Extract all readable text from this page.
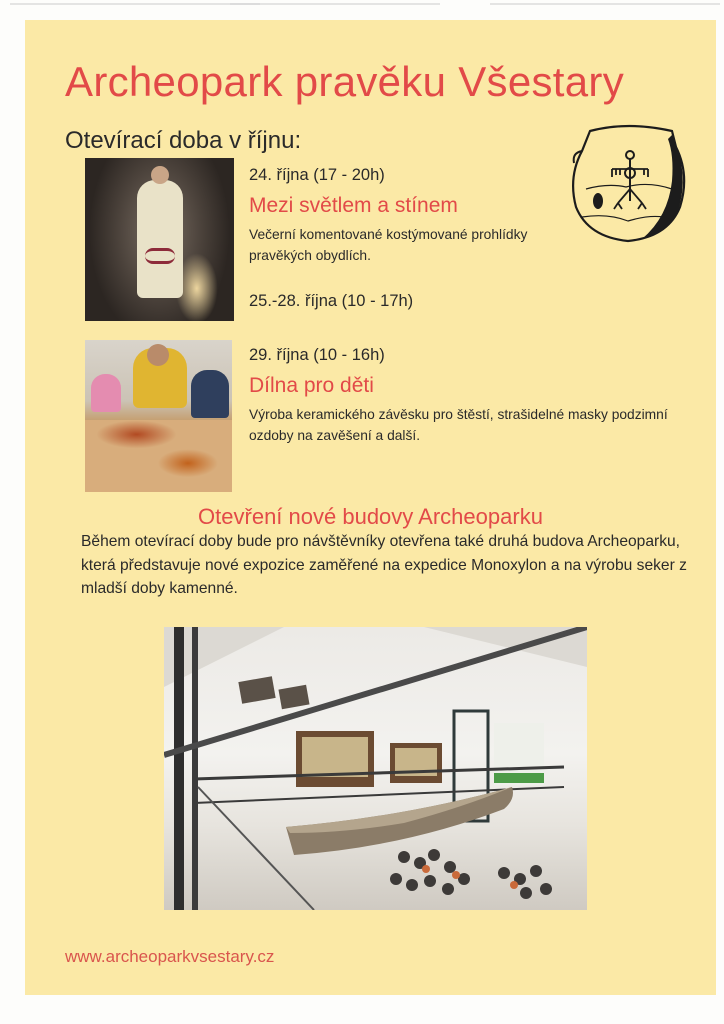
Archeopark pravěku Všestary
Otevírací doba v říjnu:
24. října (17 - 20h)
Mezi světlem a stínem
Večerní komentované kostýmované prohlídky pravěkých obydlích.
25.-28. října (10 - 17h)
29. října (10 - 16h)
Dílna pro děti
Výroba keramického závěsku pro štěstí, strašidelné masky podzimní ozdoby na zavěšení a další.
Otevření nové budovy Archeoparku
Během otevírací doby bude pro návštěvníky otevřena také druhá budova Archeoparku, která představuje nové expozice zaměřené na expedice Monoxylon a na výrobu seker z mladší doby kamenné.
www.archeoparkvsestary.cz
